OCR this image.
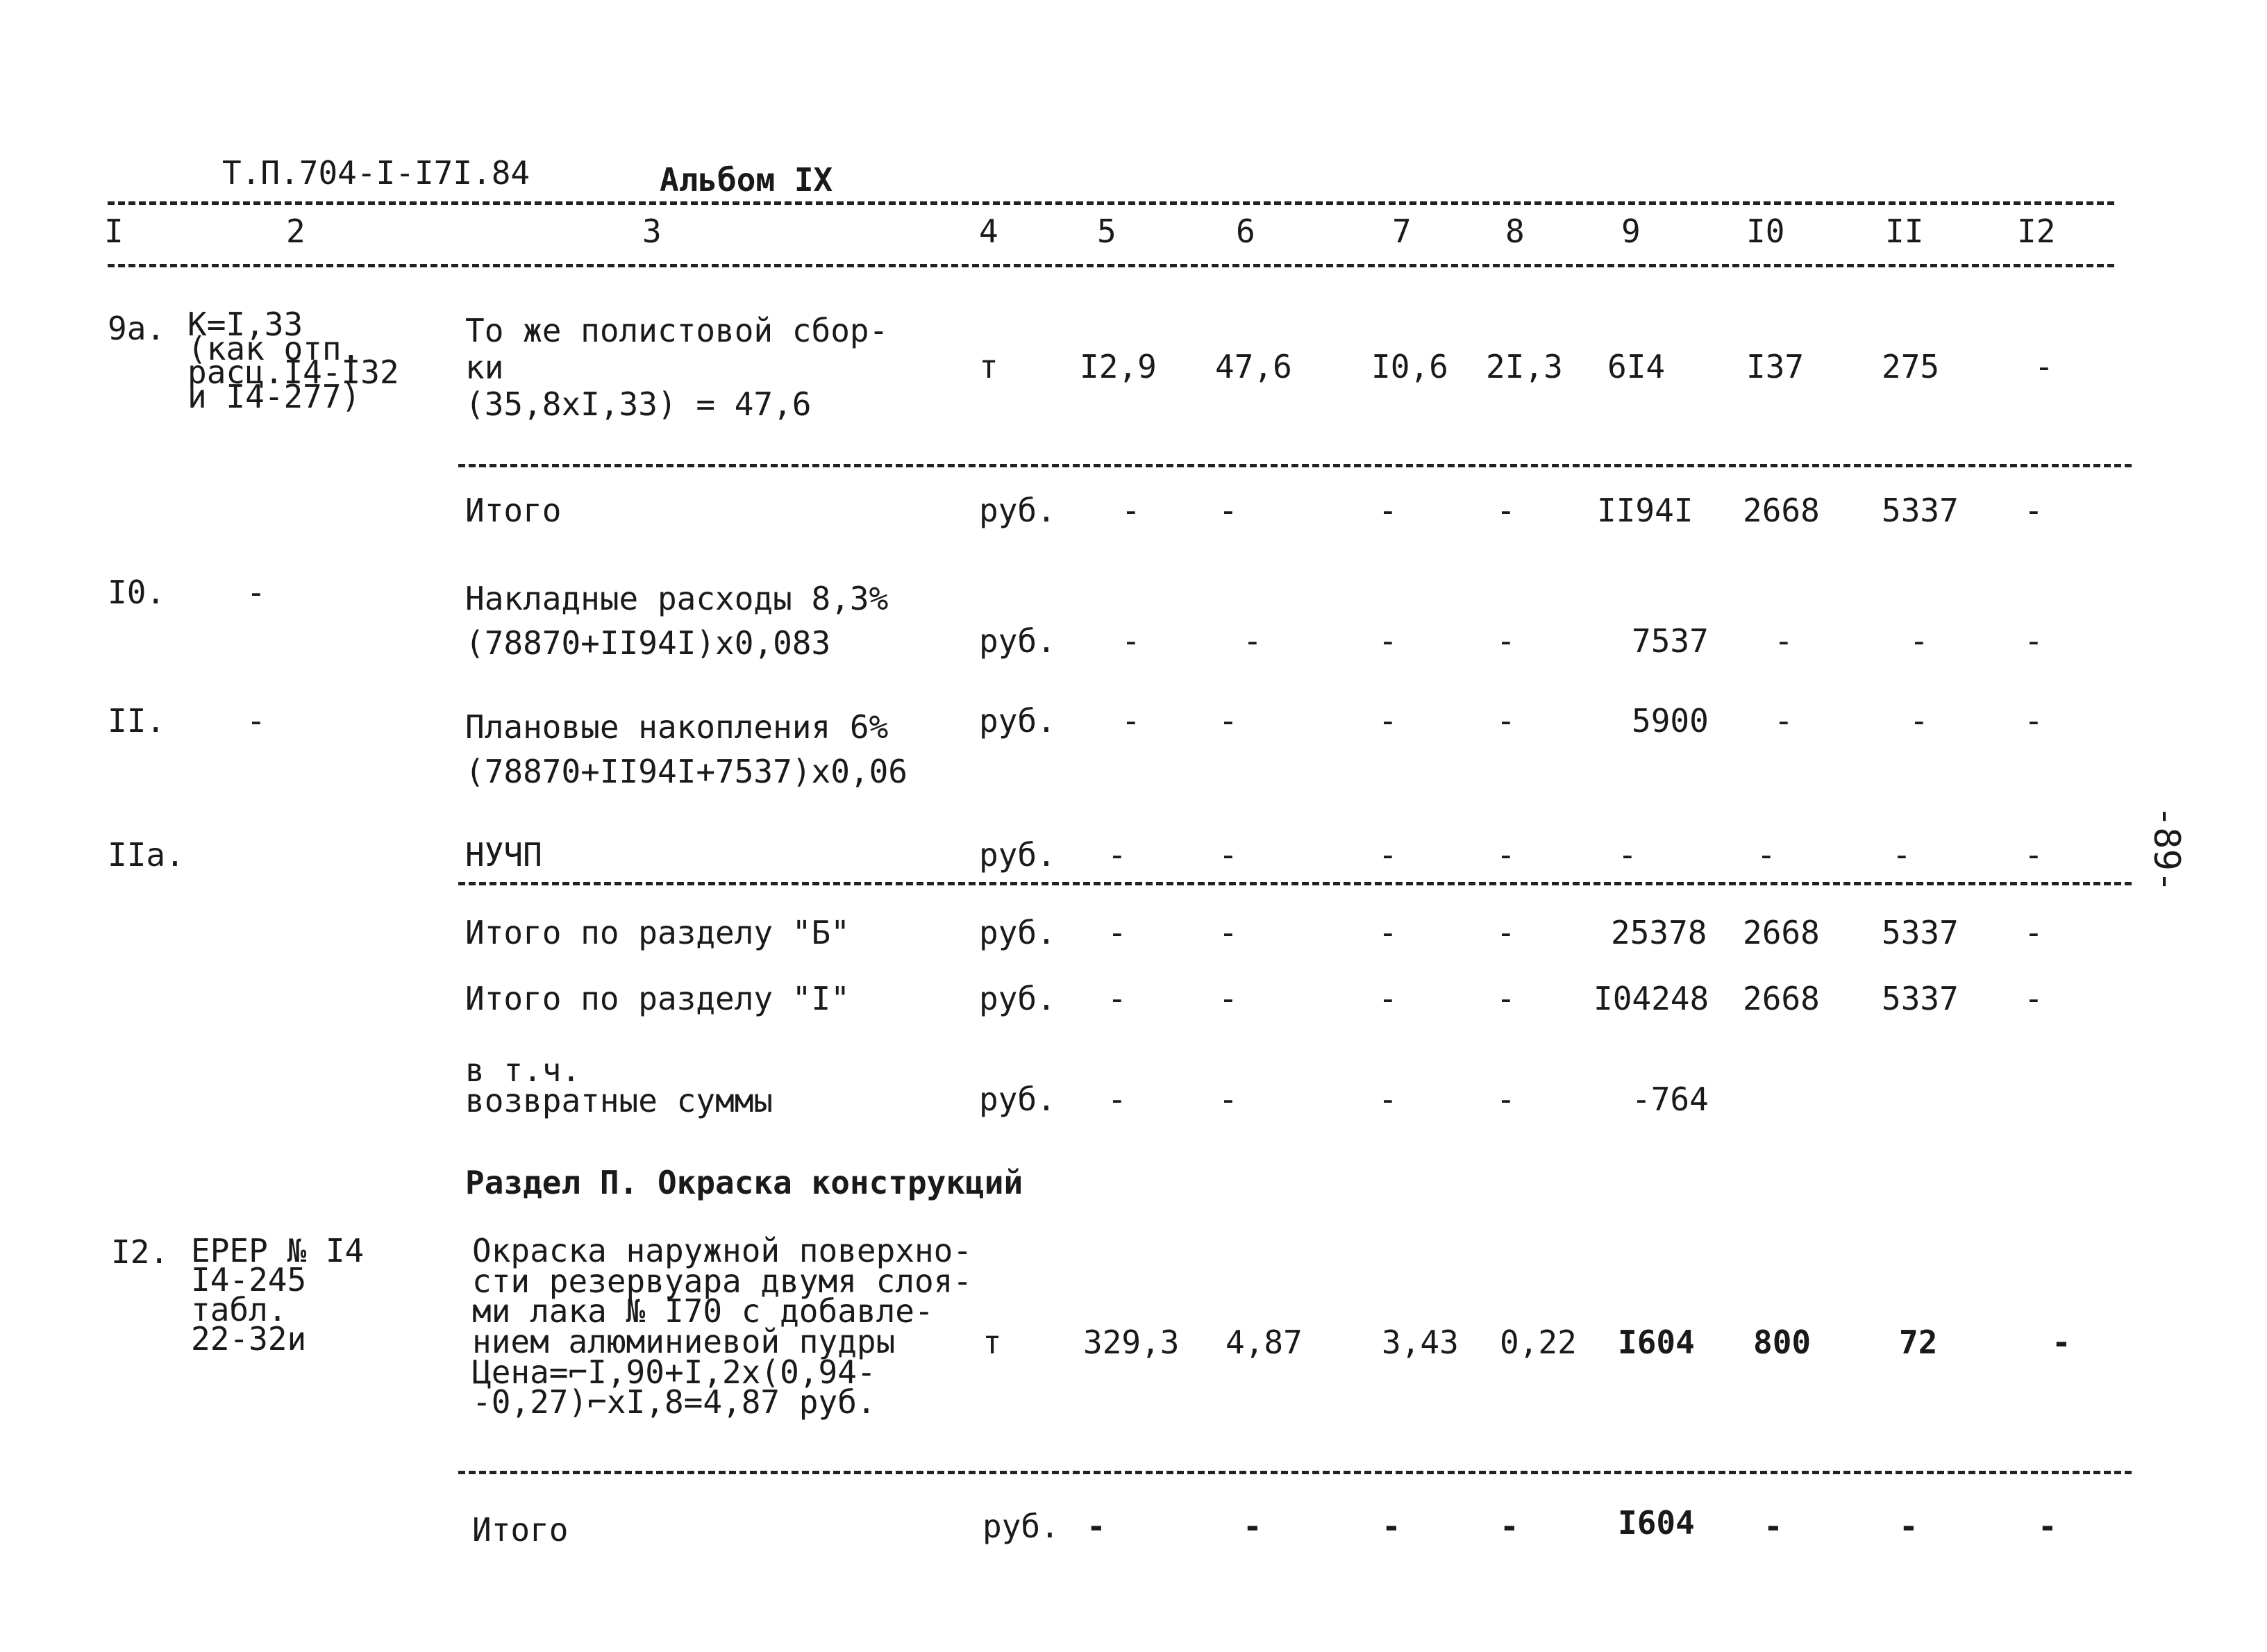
Т.П.704-I-I7I.84	Альбом IX
I	2	3	4	5	6	7	8	9	I0	II	I2
9а. К=I,33
(как отп.
расц.I4-I32
и I4-277)
То же полистовой сбор-
ки
(35,8хI,33) = 47,6
т	I2,9 47,6 I0,6 2I,3 6I4	I37 275	-
Итого	руб. - -	-	-	II94I 2668 5337 -
I0.	-	Накладные расходы 8,3%
(78870+II94I)х0,083	руб. -	-	-	-	7537 -	-	-
II.	-	Плановые накопления 6%
(78870+II94I+7537)х0,06
руб. - -	-	-	5900 -	-	-
IIа.	НУЧП	руб. -	-	-	-	-	-	-	-
Итого по разделу "Б"	руб. -	-	-	-	25378 2668 5337 -
Итого по разделу "I"	руб. -	-	-	- I04248 2668 5337 -
в т.ч.
возвратные суммы	руб. -	-	-	-	-764
Раздел П. Окраска конструкций
I2. ЕРЕР № I4
I4-245
табл.
22-32и
Окраска наружной поверхно-
сти резервуара двумя слоя-
ми лака № I70 с добавле-
нием алюминиевой пудры
Цена=⌐I,90+I,2х(0,94-
-0,27)⌐хI,8=4,87 руб.
т	329,3 4,87 3,43 0,22 I604 800	72	-
Итого	руб. -	-	-	-	I604 -	-	-
-89-
